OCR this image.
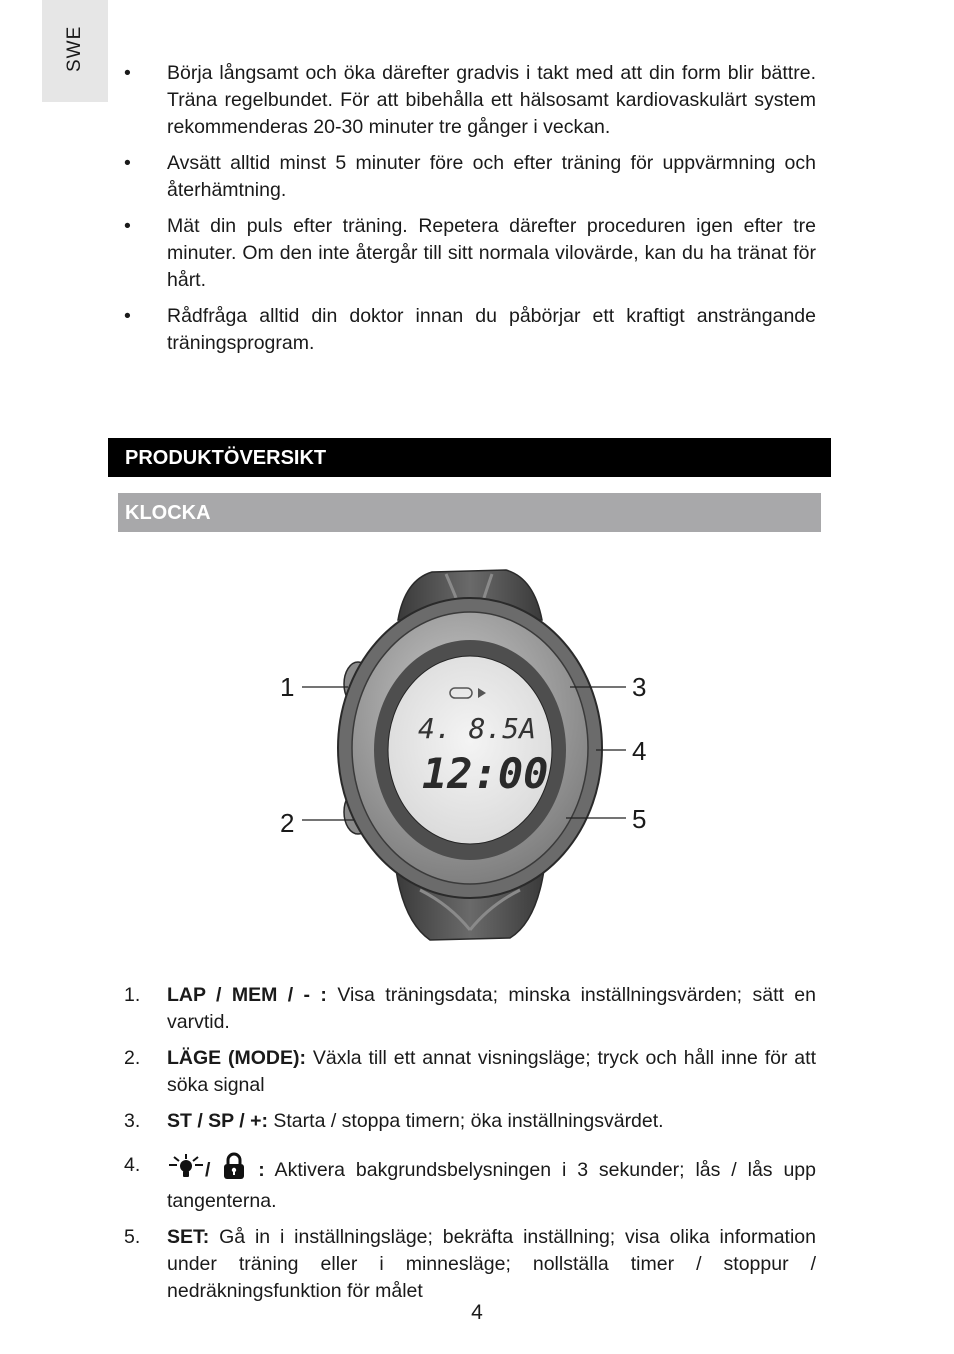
SWE
• Börja långsamt och öka därefter gradvis i takt med att din form blir bättre. Träna regelbundet. För att bibehålla ett hälsosamt kardiovaskulärt system rekommenderas 20-30 minuter tre gånger i veckan.
• Avsätt alltid minst 5 minuter före och efter träning för uppvärmning och återhämtning.
• Mät din puls efter träning. Repetera därefter proceduren igen efter tre minuter. Om den inte återgår till sitt normala vilovärde, kan du ha tränat för hårt.
• Rådfråga alltid din doktor innan du påbörjar ett kraftigt ansträngande träningsprogram.
PRODUKTÖVERSIKT
KLOCKA
4. 8.5A
12:00
1
2
3
4
5
1. LAP / MEM / - : Visa träningsdata; minska inställningsvärden; sätt en varvtid.
2. LÄGE (MODE): Växla till ett annat visningsläge; tryck och håll inne för att söka signal
3. ST / SP / +: Starta / stoppa timern; öka inställningsvärdet.
4.	/  : Aktivera bakgrundsbelysningen i 3 sekunder; lås / lås upp tangenterna.
5. SET: Gå in i inställningsläge; bekräfta inställning; visa olika information under träning eller i minnesläge; nollställa timer / stoppur / nedräkningsfunktion för målet
4
